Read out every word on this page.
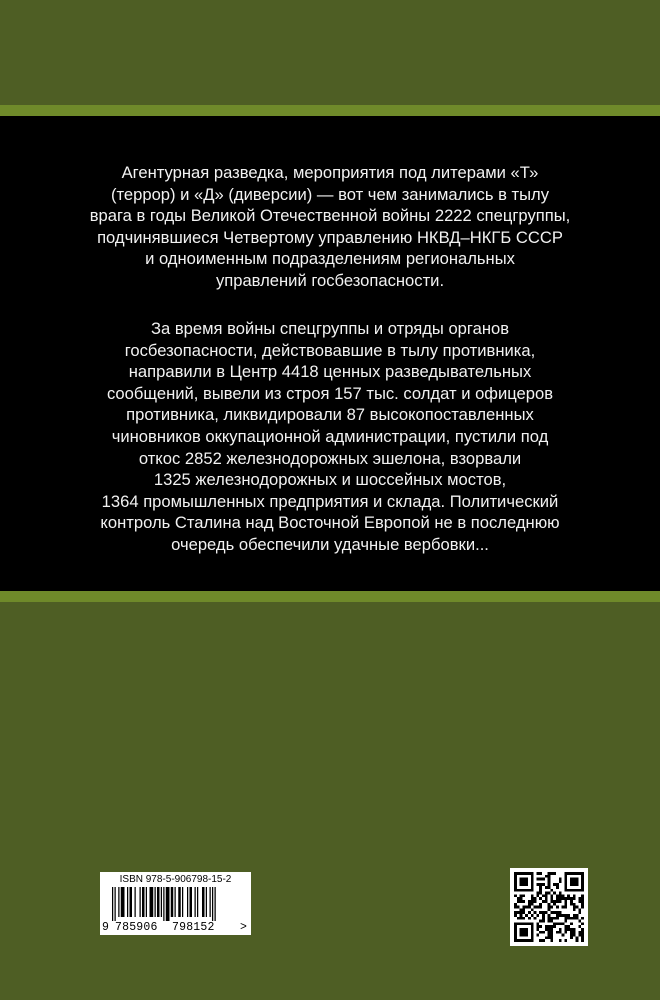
Агентурная разведка, мероприятия под литерами «Т»
(террор) и «Д» (диверсии) — вот чем занимались в тылу
врага в годы Великой Отечественной войны 2222 спецгруппы,
подчинявшиеся Четвертому управлению НКВД–НКГБ СССР
и одноименным подразделениям региональных
управлений госбезопасности.

За время войны спецгруппы и отряды органов
госбезопасности, действовавшие в тылу противника,
направили в Центр 4418 ценных разведывательных
сообщений, вывели из строя 157 тыс. солдат и офицеров
противника, ликвидировали 87 высокопоставленных
чиновников оккупационной администрации, пустили под
откос 2852 железнодорожных эшелона, взорвали
1325 железнодорожных и шоссейных мостов,
1364 промышленных предприятия и склада. Политический
контроль Сталина над Восточной Европой не в последнюю
очередь обеспечили удачные вербовки...

ISBN 978-5-906798-15-2
9 785906 798152 >
